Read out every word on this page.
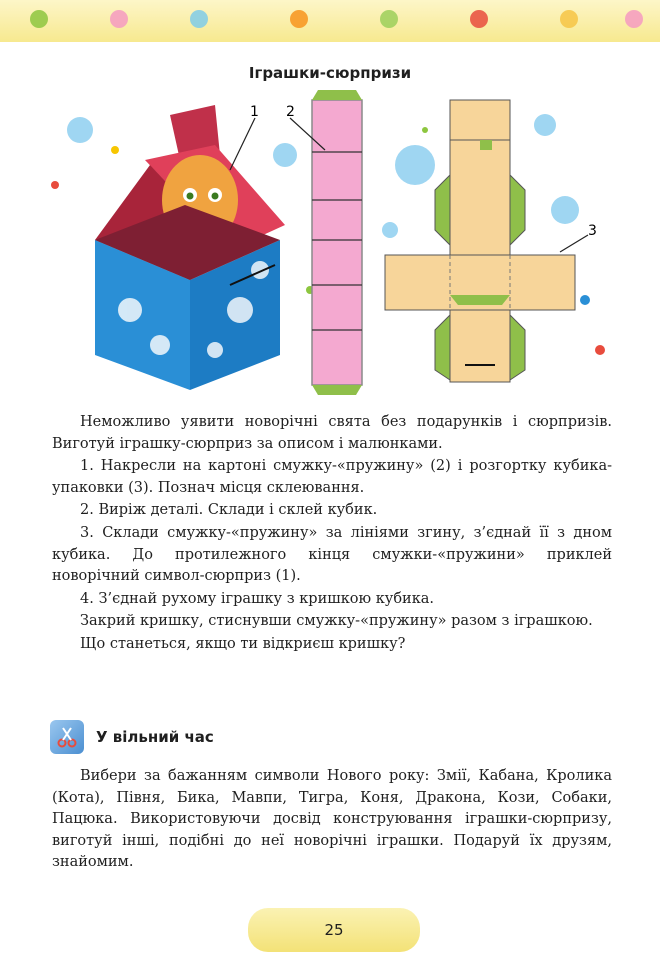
Іграшки-сюрпризи
1 2
3

Неможливо уявити новорічні свята без подарунків і сюрпризів. Виготуй іграшку-сюрприз за описом і малюнками.

1. Накресли на картоні смужку-«пружину» (2) і розгортку кубика-упаковки (3). Познач місця склеювання.

2. Виріж деталі. Склади і склей кубик.

3. Склади смужку-«пружину» за лініями згину, з’єднай її з дном кубика. До протилежного кінця смужки-«пружини» приклей новорічний символ-сюрприз (1).

4. З’єднай рухому іграшку з кришкою кубика.

Закрий кришку, стиснувши смужку-«пружину» разом з іграшкою.

Що станеться, якщо ти відкриєш кришку?

У вільний час

Вибери за бажанням символи Нового року: Змії, Кабана, Кролика (Кота), Півня, Бика, Мавпи, Тигра, Коня, Дракона, Кози, Собаки, Пацюка. Використовуючи досвід конструювання іграшки-сюрпризу, виготуй інші, подібні до неї новорічні іграшки. Подаруй їх друзям, знайомим.

25
